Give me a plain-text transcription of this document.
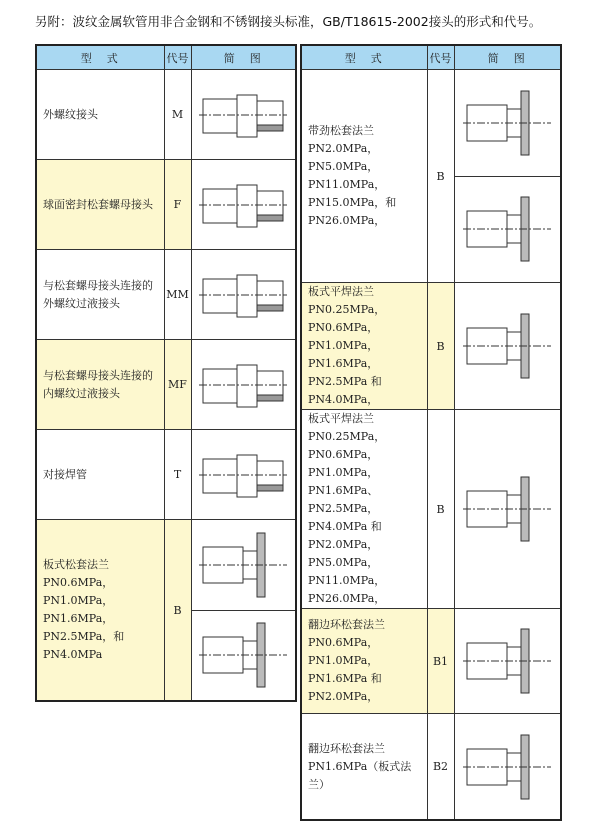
另附：波纹金属软管用非合金钢和不锈钢接头标准，GB/T18615-2002接头的形式和代号。
型　式	代号	简　图

外螺纹接头	M	

球面密封松套螺母接头	F	

与松套螺母接头连接的外螺纹过液接头	MM	

与松套螺母接头连接的内螺纹过液接头	MF	

对接焊管	T	

板式松套法兰
PN0.6MPa，PN1.0MPa，PN1.6MPa，PN2.5MPa，和 PN4.0MPa	B	
型　式	代号	简　图

带劲松套法兰
PN2.0MPa，PN5.0MPa，PN11.0MPa，PN15.0MPa，和 PN26.0MPa，	B	

板式平焊法兰
PN0.25MPa，PN0.6MPa，PN1.0MPa，PN1.6MPa，PN2.5MPa 和 PN4.0MPa，	B	

板式平焊法兰
PN0.25MPa，PN0.6MPa，PN1.0MPa，PN1.6MPa、PN2.5MPa，PN4.0MPa 和 PN2.0MPa，PN5.0MPa，PN11.0MPa，PN26.0MPa，	B	

翻边环松套法兰
PN0.6MPa，PN1.0MPa，PN1.6MPa 和 PN2.0MPa，	B1	

翻边环松套法兰
PN1.6MPa（板式法兰）	B2	
